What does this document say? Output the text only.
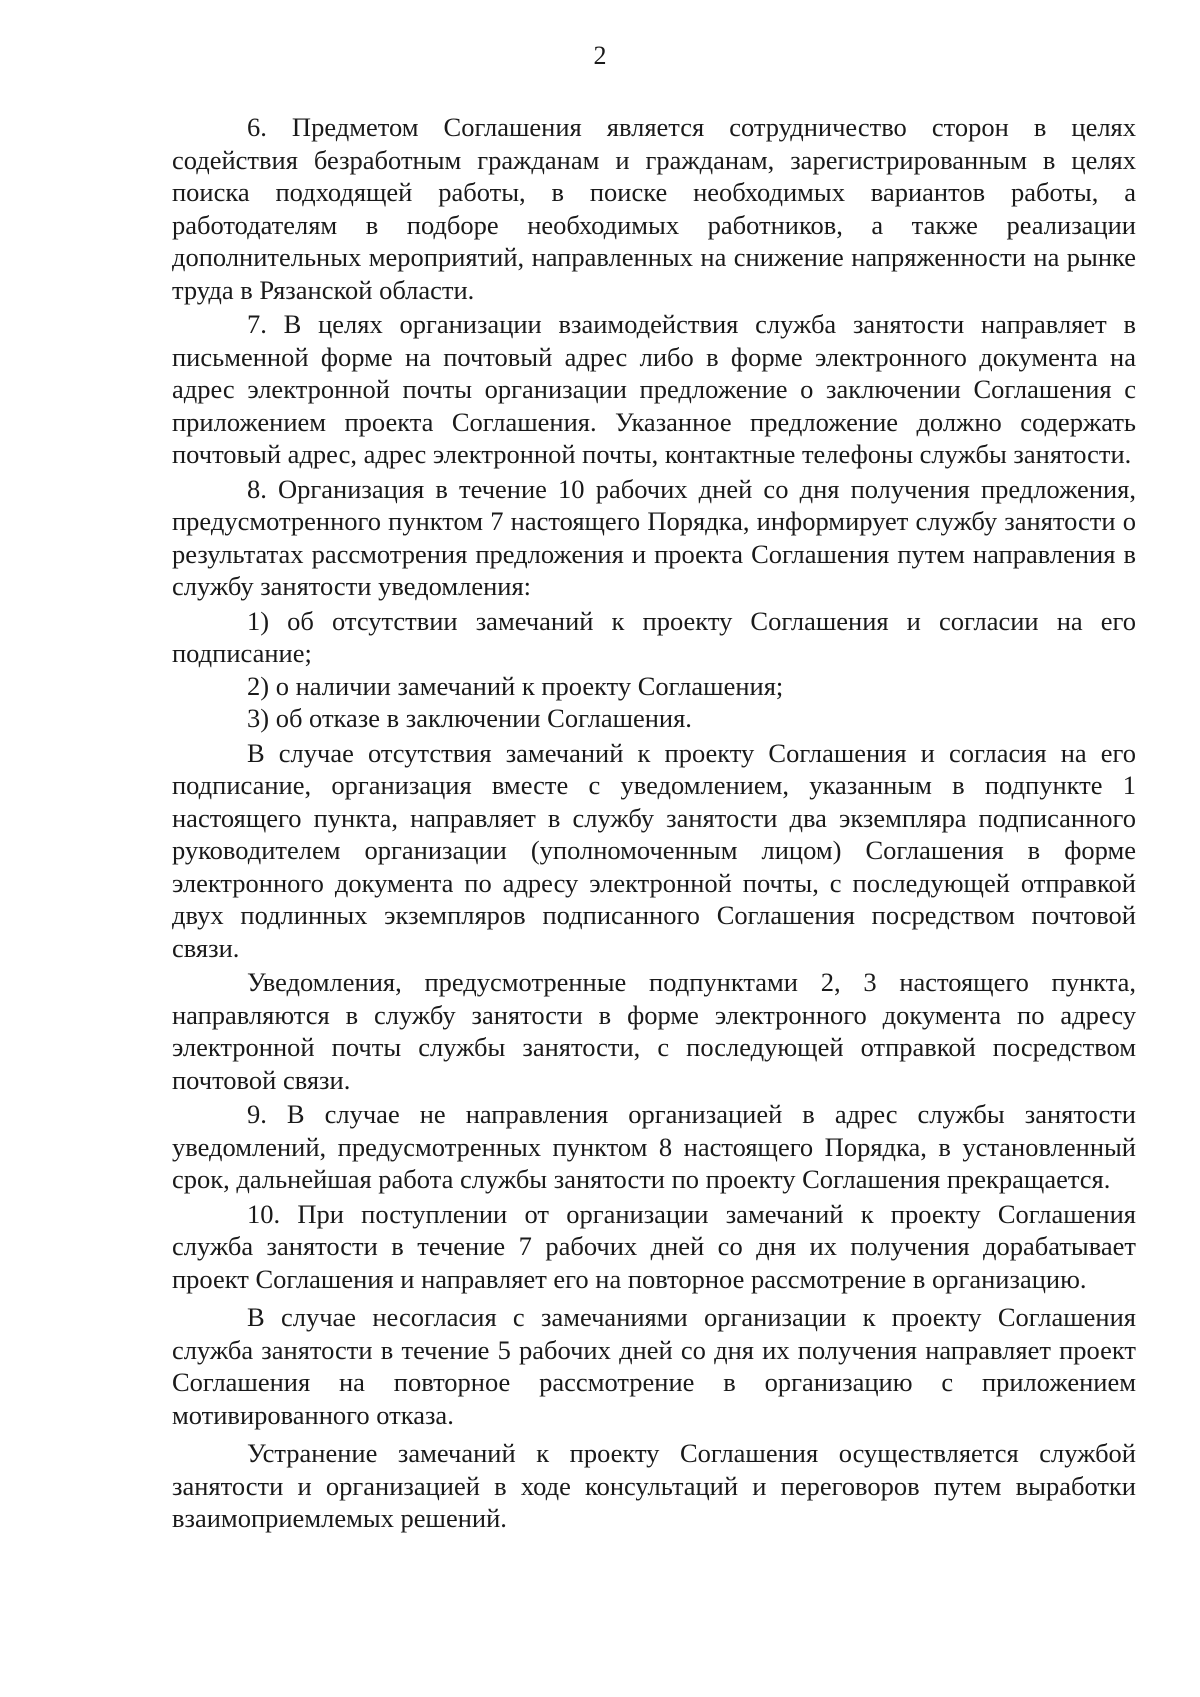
2

6. Предметом Соглашения является сотрудничество сторон в целях содействия безработным гражданам и гражданам, зарегистрированным в целях поиска подходящей работы, в поиске необходимых вариантов работы, а работодателям в подборе необходимых работников, а также реализации дополнительных мероприятий, направленных на снижение напряженности на рынке труда в Рязанской области.

7. В целях организации взаимодействия служба занятости направляет в письменной форме на почтовый адрес либо в форме электронного документа на адрес электронной почты организации предложение о заключении Соглашения с приложением проекта Соглашения. Указанное предложение должно содержать почтовый адрес, адрес электронной почты, контактные телефоны службы занятости.

8. Организация в течение 10 рабочих дней со дня получения предложения, предусмотренного пунктом 7 настоящего Порядка, информирует службу занятости о результатах рассмотрения предложения и проекта Соглашения путем направления в службу занятости уведомления:

1) об отсутствии замечаний к проекту Соглашения и согласии на его подписание;

2) о наличии замечаний к проекту Соглашения;

3) об отказе в заключении Соглашения.

В случае отсутствия замечаний к проекту Соглашения и согласия на его подписание, организация вместе с уведомлением, указанным в подпункте 1 настоящего пункта, направляет в службу занятости два экземпляра подписанного руководителем организации (уполномоченным лицом) Соглашения в форме электронного документа по адресу электронной почты, с последующей отправкой двух подлинных экземпляров подписанного Соглашения посредством почтовой связи.

Уведомления, предусмотренные подпунктами 2, 3 настоящего пункта, направляются в службу занятости в форме электронного документа по адресу электронной почты службы занятости, с последующей отправкой посредством почтовой связи.

9. В случае не направления организацией в адрес службы занятости уведомлений, предусмотренных пунктом 8 настоящего Порядка, в установленный срок, дальнейшая работа службы занятости по проекту Соглашения прекращается.

10. При поступлении от организации замечаний к проекту Соглашения служба занятости в течение 7 рабочих дней со дня их получения дорабатывает проект Соглашения и направляет его на повторное рассмотрение в организацию.

В случае несогласия с замечаниями организации к проекту Соглашения служба занятости в течение 5 рабочих дней со дня их получения направляет проект Соглашения на повторное рассмотрение в организацию с приложением мотивированного отказа.

Устранение замечаний к проекту Соглашения осуществляется службой занятости и организацией в ходе консультаций и переговоров путем выработки взаимоприемлемых решений.
